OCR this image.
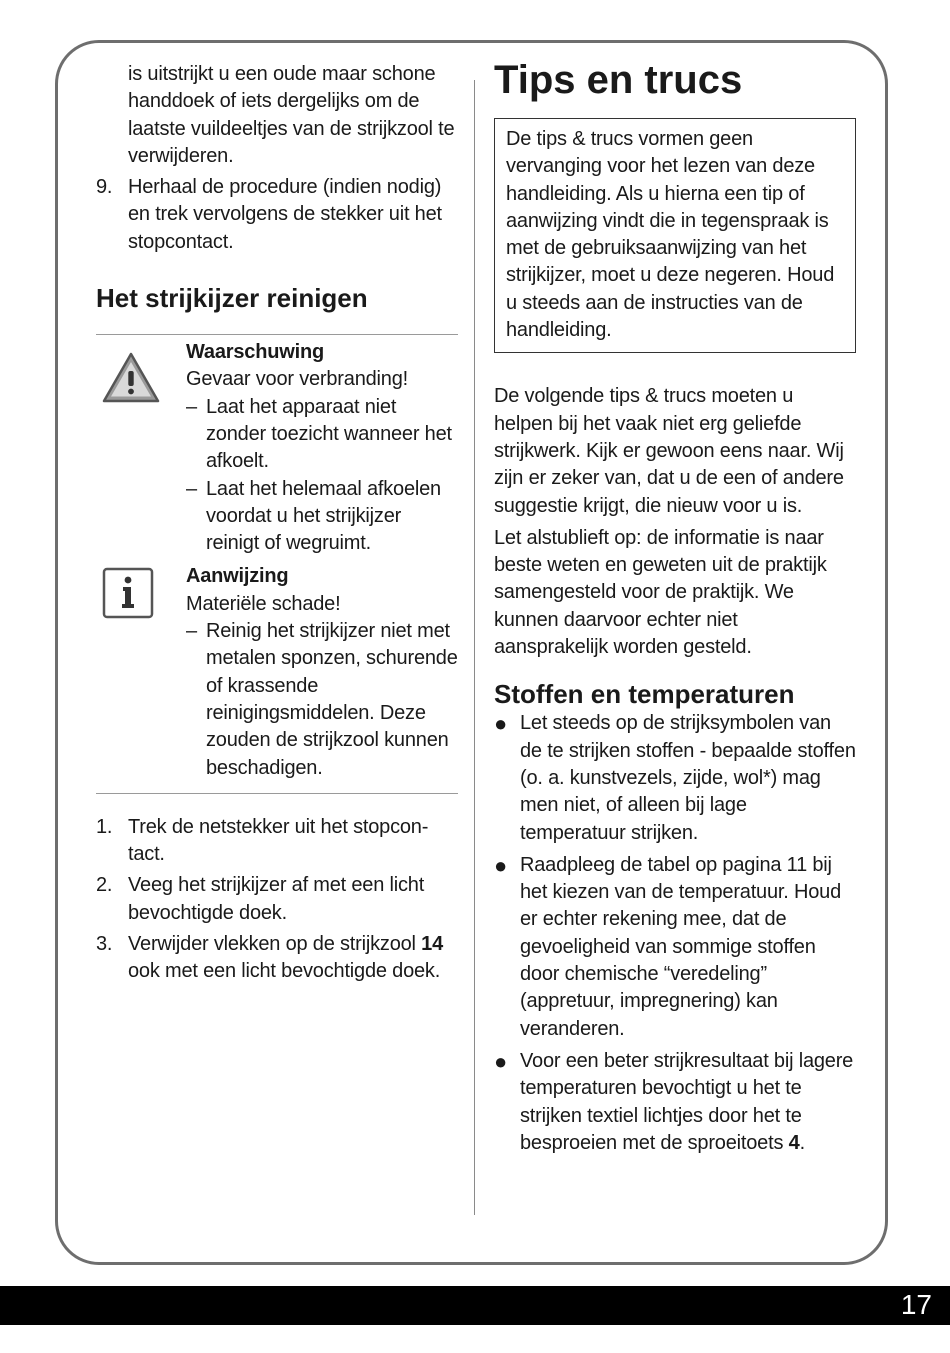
is uitstrijkt u een oude maar schone handdoek of iets dergelijks om de laatste vuildeeltjes van de strijkzool te verwijderen.

9. Herhaal de procedure (indien nodig) en trek vervolgens de stekker uit het stopcontact.
Het strijkijzer reinigen
Waarschuwing
Gevaar voor verbranding!
– Laat het apparaat niet zonder toezicht wanneer het afkoelt.
– Laat het helemaal afkoelen voordat u het strijkijzer reinigt of wegruimt.
Aanwijzing
Materiële schade!
– Reinig het strijkijzer niet met metalen sponzen, schurende of krassende reinigingsmiddelen. Deze zouden de strijkzool kunnen beschadigen.
1. Trek de netstekker uit het stopcon-tact.
2. Veeg het strijkijzer af met een licht bevochtigde doek.
3. Verwijder vlekken op de strijkzool 14 ook met een licht bevochtigde doek.
Tips en trucs

De tips & trucs vormen geen vervanging voor het lezen van deze handleiding. Als u hierna een tip of aanwijzing vindt die in tegenspraak is met de gebruiksaanwijzing van het strijkijzer, moet u deze negeren. Houd u steeds aan de instructies van de handleiding.

De volgende tips & trucs moeten u helpen bij het vaak niet erg geliefde strijkwerk. Kijk er gewoon eens naar. Wij zijn er zeker van, dat u de een of andere suggestie krijgt, die nieuw voor u is.

Let alstublieft op: de informatie is naar beste weten en geweten uit de praktijk samengesteld voor de praktijk. We kunnen daarvoor echter niet aansprakelijk worden gesteld.

Stoffen en temperaturen
● Let steeds op de strijksymbolen van de te strijken stoffen - bepaalde stoffen (o. a. kunstvezels, zijde, wol*) mag men niet, of alleen bij lage temperatuur strijken.
● Raadpleeg de tabel op pagina 11 bij het kiezen van de temperatuur. Houd er echter rekening mee, dat de gevoeligheid van sommige stoffen door chemische “veredeling” (appretuur, impregnering) kan veranderen.
● Voor een beter strijkresultaat bij lagere temperaturen bevochtigt u het te strijken textiel lichtjes door het te besproeien met de sproeitoets 4.
17
